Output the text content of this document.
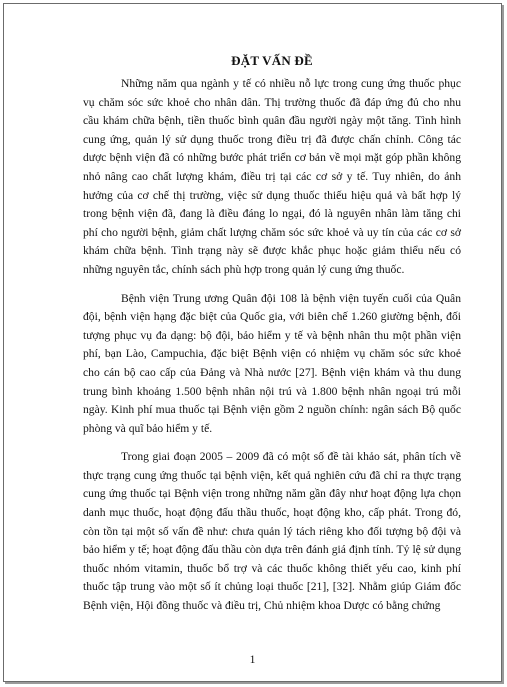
ĐẶT VẤN ĐỀ

Những năm qua ngành y tế có nhiều nỗ lực trong cung ứng thuốc phục vụ chăm sóc sức khoẻ cho nhân dân. Thị trường thuốc đã đáp ứng đủ cho nhu cầu khám chữa bệnh, tiền thuốc bình quân đầu người ngày một tăng. Tình hình cung ứng, quản lý sử dụng thuốc trong điều trị đã được chấn chỉnh. Công tác dược bệnh viện đã có những bước phát triển cơ bản về mọi mặt góp phần không nhỏ nâng cao chất lượng khám, điều trị tại các cơ sở y tế. Tuy nhiên, do ảnh hưởng của cơ chế thị trường, việc sử dụng thuốc thiếu hiệu quả và bất hợp lý trong bệnh viện đã, đang là điều đáng lo ngại, đó là nguyên nhân làm tăng chi phí cho người bệnh, giảm chất lượng chăm sóc sức khoẻ và uy tín của các cơ sở khám chữa bệnh. Tình trạng này sẽ được khắc phục hoặc giảm thiểu nếu có những nguyên tắc, chính sách phù hợp trong quản lý cung ứng thuốc.

Bệnh viện Trung ương Quân đội 108 là bệnh viện tuyến cuối của Quân đội, bệnh viện hạng đặc biệt của Quốc gia, với biên chế 1.260 giường bệnh, đối tượng phục vụ đa dạng: bộ đội, bảo hiểm y tế và bệnh nhân thu một phần viện phí, bạn Lào, Campuchia, đặc biệt Bệnh viện có nhiệm vụ chăm sóc sức khoẻ cho cán bộ cao cấp của Đảng và Nhà nước [27]. Bệnh viện khám và thu dung trung bình khoảng 1.500 bệnh nhân nội trú và 1.800 bệnh nhân ngoại trú mỗi ngày. Kinh phí mua thuốc tại Bệnh viện gồm 2 nguồn chính: ngân sách Bộ quốc phòng và quĩ bảo hiểm y tế.

Trong giai đoạn 2005 – 2009 đã có một số đề tài khảo sát, phân tích về thực trạng cung ứng thuốc tại bệnh viện, kết quả nghiên cứu đã chỉ ra thực trạng cung ứng thuốc tại Bệnh viện trong những năm gần đây như hoạt động lựa chọn danh mục thuốc, hoạt động đấu thầu thuốc, hoạt động kho, cấp phát. Trong đó, còn tồn tại một số vấn đề như: chưa quản lý tách riêng kho đối tượng bộ đội và bảo hiểm y tế; hoạt động đấu thầu còn dựa trên đánh giá định tính. Tỷ lệ sử dụng thuốc nhóm vitamin, thuốc bổ trợ và các thuốc không thiết yếu cao, kinh phí thuốc tập trung vào một số ít chủng loại thuốc [21], [32]. Nhằm giúp Giám đốc Bệnh viện, Hội đồng thuốc và điều trị, Chủ nhiệm khoa Dược có bằng chứng

1
